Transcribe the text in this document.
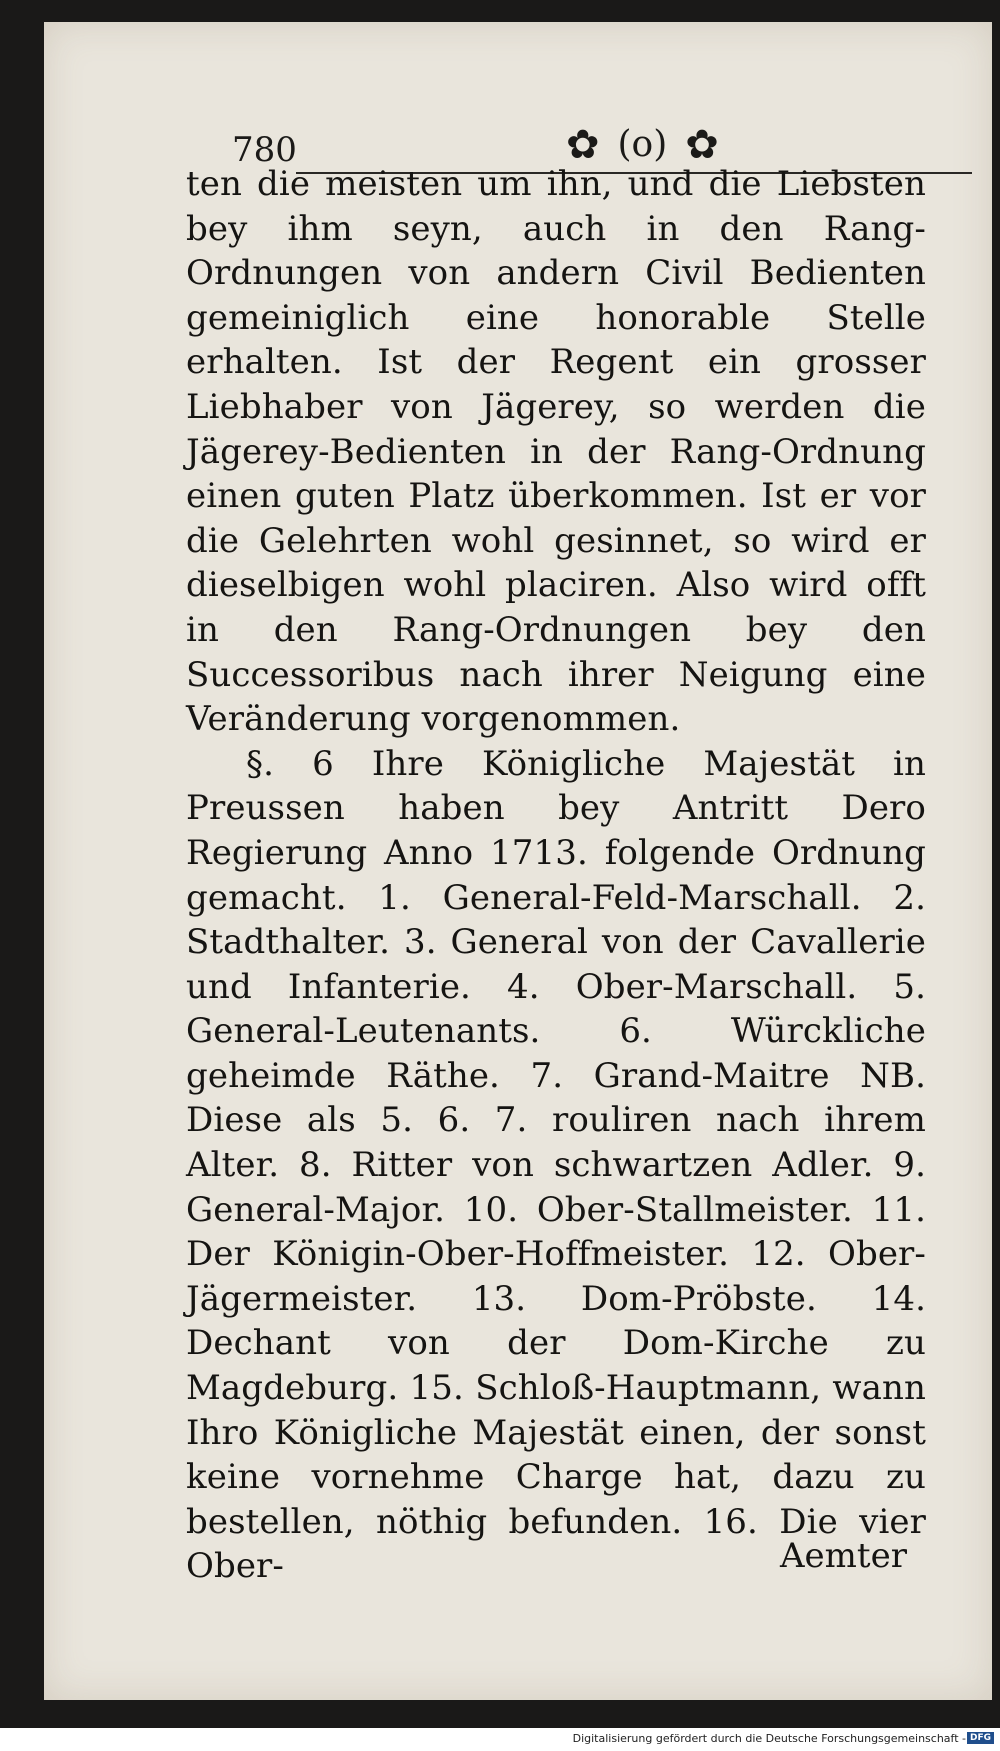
780	✿ (o) ✿

ten die meisten um ihn, und die Liebsten bey ihm seyn, auch in den Rang-Ordnungen von andern Civil Bedienten gemeiniglich eine honorable Stelle erhalten. Ist der Regent ein grosser Liebhaber von Jägerey, so werden die Jägerey-Bedienten in der Rang-Ordnung einen guten Platz überkommen. Ist er vor die Gelehrten wohl gesinnet, so wird er dieselbigen wohl placiren. Also wird offt in den Rang-Ordnungen bey den Successoribus nach ihrer Neigung eine Veränderung vorgenommen.

§. 6 Ihre Königliche Majestät in Preussen haben bey Antritt Dero Regierung Anno 1713. folgende Ordnung gemacht. 1. General-Feld-Marschall. 2. Stadthalter. 3. General von der Cavallerie und Infanterie. 4. Ober-Marschall. 5. General-Leutenants. 6. Würckliche geheimde Räthe. 7. Grand-Maitre NB. Diese als 5. 6. 7. rouliren nach ihrem Alter. 8. Ritter von schwartzen Adler. 9. General-Major. 10. Ober-Stallmeister. 11. Der Königin-Ober-Hoffmeister. 12. Ober-Jägermeister. 13. Dom-Pröbste. 14. Dechant von der Dom-Kirche zu Magdeburg. 15. Schloß-Hauptmann, wann Ihro Königliche Majestät einen, der sonst keine vornehme Charge hat, dazu zu bestellen, nöthig befunden. 16. Die vier Ober-	Aemter
Digitalisierung gefördert durch die Deutsche Forschungsgemeinschaft - DFG
